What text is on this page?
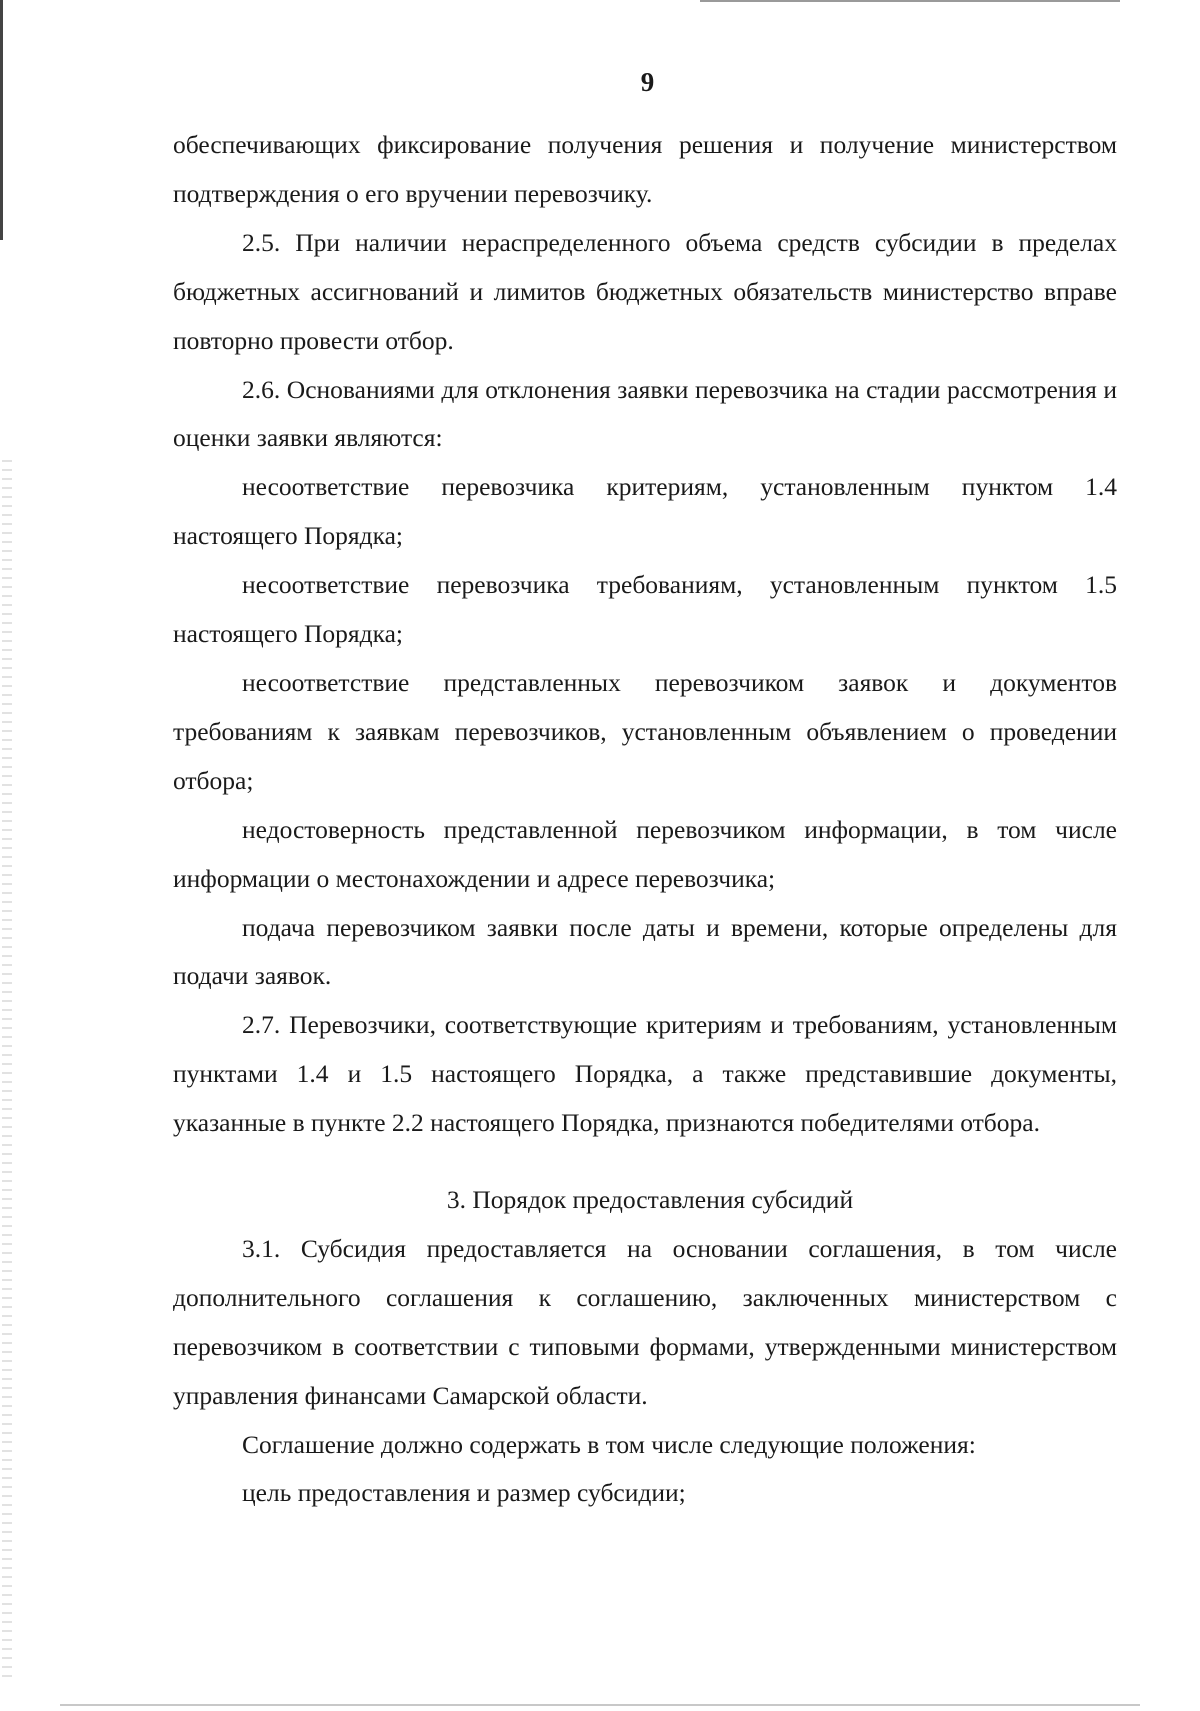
9

обеспечивающих фиксирование получения решения и получение министерством подтверждения о его вручении перевозчику.

2.5. При наличии нераспределенного объема средств субсидии в пределах бюджетных ассигнований и лимитов бюджетных обязательств министерство вправе повторно провести отбор.

2.6. Основаниями для отклонения заявки перевозчика на стадии рассмотрения и оценки заявки являются:

несоответствие перевозчика критериям, установленным пунктом 1.4 настоящего Порядка;

несоответствие перевозчика требованиям, установленным пунктом 1.5 настоящего Порядка;

несоответствие представленных перевозчиком заявок и документов требованиям к заявкам перевозчиков, установленным объявлением о проведении отбора;

недостоверность представленной перевозчиком информации, в том числе информации о местонахождении и адресе перевозчика;

подача перевозчиком заявки после даты и времени, которые определены для подачи заявок.

2.7. Перевозчики, соответствующие критериям и требованиям, установленным пунктами 1.4 и 1.5 настоящего Порядка, а также представившие документы, указанные в пункте 2.2 настоящего Порядка, признаются победителями отбора.

3. Порядок предоставления субсидий

3.1. Субсидия предоставляется на основании соглашения, в том числе дополнительного соглашения к соглашению, заключенных министерством с перевозчиком в соответствии с типовыми формами, утвержденными министерством управления финансами Самарской области.

Соглашение должно содержать в том числе следующие положения:

цель предоставления и размер субсидии;
